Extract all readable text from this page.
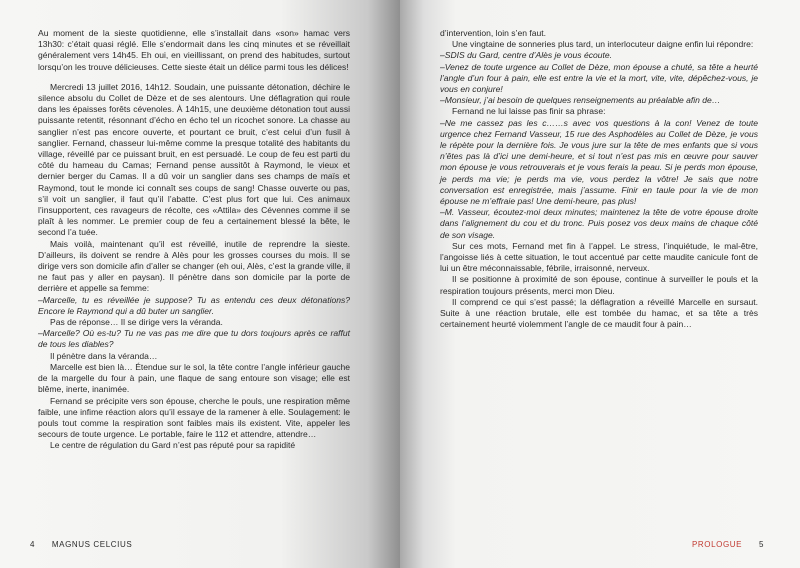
Au moment de la sieste quotidienne, elle s’installait dans «son» hamac vers 13h30: c’était quasi réglé. Elle s’endormait dans les cinq minutes et se réveillait généralement vers 14h45. Eh oui, en vieillissant, on prend des habitudes, surtout lorsqu’on les trouve délicieuses. Cette sieste était un délice parmi tous les délices!

Mercredi 13 juillet 2016, 14h12. Soudain, une puissante détonation, déchire le silence absolu du Collet de Dèze et de ses alentours. Une déflagration qui roule dans les épaisses forêts cévenoles. À 14h15, une deuxième détonation tout aussi puissante retentit, résonnant d’écho en écho tel un ricochet sonore. La chasse au sanglier n’est pas encore ouverte, et pourtant ce bruit, c’est celui d’un fusil à sanglier. Fernand, chasseur lui-même comme la presque totalité des habitants du village, réveillé par ce puissant bruit, en est persuadé. Le coup de feu est parti du côté du hameau du Camas; Fernand pense aussitôt à Raymond, le vieux et dernier berger du Camas. Il a dû voir un sanglier dans ses champs de maïs et Raymond, tout le monde ici connaît ses coups de sang! Chasse ouverte ou pas, s’il voit un sanglier, il faut qu’il l’abatte. C’est plus fort que lui. Ces animaux l’insupportent, ces ravageurs de récolte, ces «Attila» des Cévennes comme il se plaît à les nommer. Le premier coup de feu a certainement blessé la bête, le second l’a tuée.

Mais voilà, maintenant qu’il est réveillé, inutile de reprendre la sieste. D’ailleurs, ils doivent se rendre à Alès pour les grosses courses du mois. Il se dirige vers son domicile afin d’aller se changer (eh oui, Alès, c’est la grande ville, il ne faut pas y aller en paysan). Il pénètre dans son domicile par la porte de derrière et appelle sa femme:

–Marcelle, tu es réveillée je suppose? Tu as entendu ces deux détonations? Encore le Raymond qui a dû buter un sanglier.

Pas de réponse… Il se dirige vers la véranda.

–Marcelle? Où es-tu? Tu ne vas pas me dire que tu dors toujours après ce raffut de tous les diables?

Il pénètre dans la véranda…

Marcelle est bien là… Étendue sur le sol, la tête contre l’angle inférieur gauche de la margelle du four à pain, une flaque de sang entoure son visage; elle est blême, inerte, inanimée.

Fernand se précipite vers son épouse, cherche le pouls, une respiration même faible, une infime réaction alors qu’il essaye de la ramener à elle. Soulagement: le pouls tout comme la respiration sont faibles mais ils existent. Vite, appeler les secours de toute urgence. Le portable, faire le 112 et attendre, attendre…

Le centre de régulation du Gard n’est pas réputé pour sa rapidité

4 MAGNUS CELCIUS

d’intervention, loin s’en faut.

Une vingtaine de sonneries plus tard, un interlocuteur daigne enfin lui répondre:

–SDIS du Gard, centre d’Alès je vous écoute.

–Venez de toute urgence au Collet de Dèze, mon épouse a chuté, sa tête a heurté l’angle d’un four à pain, elle est entre la vie et la mort, vite, vite, dépêchez-vous, je vous en conjure!

–Monsieur, j’ai besoin de quelques renseignements au préalable afin de…

Fernand ne lui laisse pas finir sa phrase:

–Ne me cassez pas les c……s avec vos questions à la con! Venez de toute urgence chez Fernand Vasseur, 15 rue des Asphodèles au Collet de Dèze, je vous le répète pour la dernière fois. Je vous jure sur la tête de mes enfants que si vous n’êtes pas là d’ici une demi-heure, et si tout n’est pas mis en œuvre pour sauver mon épouse je vous retrouverais et je vous ferais la peau. Si je perds mon épouse, je perds ma vie; je perds ma vie, vous perdez la vôtre! Je sais que notre conversation est enregistrée, mais j’assume. Finir en taule pour la vie de mon épouse ne m’effraie pas! Une demi-heure, pas plus!

–M. Vasseur, écoutez-moi deux minutes; maintenez la tête de votre épouse droite dans l’alignement du cou et du tronc. Puis posez vos deux mains de chaque côté de son visage.

Sur ces mots, Fernand met fin à l’appel. Le stress, l’inquiétude, le mal-être, l’angoisse liés à cette situation, le tout accentué par cette maudite canicule font de lui un être méconnaissable, fébrile, irraisonné, nerveux.

Il se positionne à proximité de son épouse, continue à surveiller le pouls et la respiration toujours présents, merci mon Dieu.

Il comprend ce qui s’est passé; la déflagration a réveillé Marcelle en sursaut. Suite à une réaction brutale, elle est tombée du hamac, et sa tête a très certainement heurté violemment l’angle de ce maudit four à pain…

PROLOGUE 5
